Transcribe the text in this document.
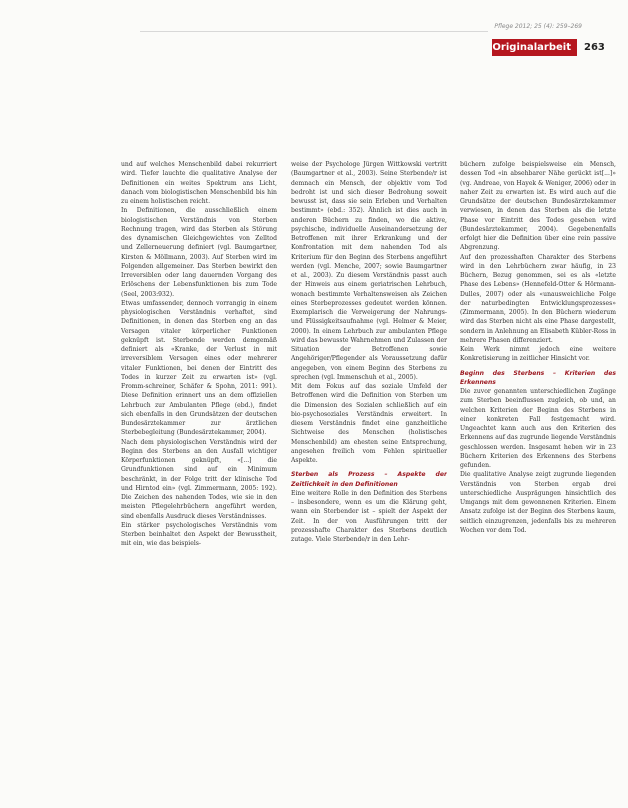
Pflege 2012; 25 (4): 259–269
Originalarbeit	263

und auf welches Menschenbild dabei rekurriert wird. Tiefer lauchte die qualitative Analyse der Definitionen ein weites Spektrum ans Licht, danach vom biologistischen Menschenbild bis hin zu einem holistischen reicht.

In Definitionen, die ausschließlich einem biologistischen Verständnis von Sterben Rechnung tragen, wird das Sterben als Störung des dynamischen Gleichgewichtes von Zelltod und Zellerneuerung definiert (vgl. Baumgartner, Kirsten & Möllmann, 2003). Auf Sterben wird im Folgenden allgemeiner. Das Sterben bewirkt den Irreversiblen oder lang dauernden Vorgang des Erlöschens der Lebensfunktionen bis zum Tode (Seel, 2003:932).

Etwas umfassender, dennoch vorrangig in einem physiologischen Verständnis verhaftet, sind Definitionen, in denen das Sterben eng an das Versagen vitaler körperlicher Funktionen geknüpft ist. Sterbende werden demgemäß definiert als «Kranke, der Verlust in mit irreversiblem Versagen eines oder mehrerer vitaler Funktionen, bei denen der Eintritt des Todes in kurzer Zeit zu erwarten ist» (vgl. Fromm-schreiner, Schäfer & Spohn, 2011: 991). Diese Definition erinnert uns an dem offiziellen Lehrbuch zur Ambulanten Pflege (ebd.), findet sich ebenfalls in den Grundsätzen der deutschen Bundesärztekammer zur ärztlichen Sterbebegleitung (Bundesärztekammer, 2004).

Nach dem physiologischen Verständnis wird der Beginn des Sterbens an den Ausfall wichtiger Körperfunktionen geknüpft, «[...] die Grundfunktionen sind auf ein Minimum beschränkt, in der Folge tritt der klinische Tod und Hirntod ein» (vgl. Zimmermann, 2005: 192). Die Zeichen des nahenden Todes, wie sie in den meisten Pflegelehrbüchern angeführt werden, sind ebenfalls Ausdruck dieses Verständnisses.

Ein stärker psychologisches Verständnis vom Sterben beinhaltet den Aspekt der Bewusstheit, mit ein, wie das beispiels-

weise der Psychologe Jürgen Wittkowski vertritt (Baumgartner et al., 2003). Seine Sterbende/r ist demnach ein Mensch, der objektiv vom Tod bedroht ist und sich dieser Bedrohung soweit bewusst ist, dass sie sein Erleben und Verhalten bestimmt» (ebd.: 352). Ähnlich ist dies auch in anderen Büchern zu finden, wo die aktive, psychische, individuelle Auseinandersetzung der Betroffenen mit ihrer Erkrankung und der Konfrontation mit dem nahenden Tod als Kriterium für den Beginn des Sterbens angeführt werden (vgl. Menche, 2007; sowie Baumgartner et al., 2003). Zu diesem Verständnis passt auch der Hinweis aus einem geriatrischen Lehrbuch, wonach bestimmte Verhaltensweisen als Zeichen eines Sterbeprozesses gedeutet werden können. Exemplarisch die Verweigerung der Nahrungs- und Flüssigkeitsaufnahme (vgl. Helmer & Meier, 2000). In einem Lehrbuch zur ambulanten Pflege wird das bewusste Wahrnehmen und Zulassen der Situation der Betroffenen sowie Angehöriger/Pflegender als Voraussetzung dafür angegeben, von einem Beginn des Sterbens zu sprechen (vgl. Immenschuh et al., 2005).

Mit dem Fokus auf das soziale Umfeld der Betroffenen wird die Definition von Sterben um die Dimension des Sozialen schließlich auf ein bio-psychosoziales Verständnis erweitert. In diesem Verständnis findet eine ganzheitliche Sichtweise des Menschen (holistisches Menschenbild) am ehesten seine Entsprechung, angesehen freilich vom Fehlen spiritueller Aspekte.

Sterben als Prozess – Aspekte der Zeitlichkeit in den Definitionen

Eine weitere Rolle in den Definition des Sterbens – insbesondere, wenn es um die Klärung geht, wann ein Sterbender ist – spielt der Aspekt der Zeit. In der von Ausführungen tritt der prozesshafte Charakter des Sterbens deutlich zutage. Viele Sterbende/r in den Lehr-

büchern zufolge beispielsweise ein Mensch, dessen Tod «in absehbarer Nähe gerückt ist[...]» (vg. Andreae, von Hayek & Weniger, 2006) oder in naher Zeit zu erwarten ist. Es wird auch auf die Grundsätze der deutschen Bundesärztekammer verwiesen, in denen das Sterben als die letzte Phase vor Eintritt des Todes gesehen wird (Bundesärztekammer, 2004). Gegebenenfalls erfolgt hier die Definition über eine rein passive Abgrenzung.

Auf den prozesshaften Charakter des Sterbens wird in den Lehrbüchern zwar häufig, in 23 Büchern, Bezug genommen, sei es als «letzte Phase des Lebens» (Hennefeld-Otter & Hörmann-Dulles, 2007) oder als «unausweichliche Folge der naturbedingten Entwicklungsprozesses» (Zimmermann, 2005). In den Büchern wiederum wird das Sterben nicht als eine Phase dargestellt, sondern in Anlehnung an Elisabeth Kübler-Ross in mehrere Phasen differenziert.

Kein Werk nimmt jedoch eine weitere Konkretisierung in zeitlicher Hinsicht vor.

Beginn des Sterbens – Kriterien des Erkennens

Die zuvor genannten unterschiedlichen Zugänge zum Sterben beeinflussen zugleich, ob und, an welchen Kriterien der Beginn des Sterbens in einer konkreten Fall festgemacht wird. Ungeachtet kann auch aus den Kriterien des Erkennens auf das zugrunde liegende Verständnis geschlossen werden. Insgesamt heben wir in 23 Büchern Kriterien des Erkennens des Sterbens gefunden.

Die qualitative Analyse zeigt zugrunde liegenden Verständnis von Sterben ergab drei unterschiedliche Ausprägungen hinsichtlich des Umgangs mit dem gewonnenen Kriterien. Einem Ansatz zufolge ist der Beginn des Sterbens kaum, seitlich einzugrenzen, jedenfalls bis zu mehreren Wochen vor dem Tod.
